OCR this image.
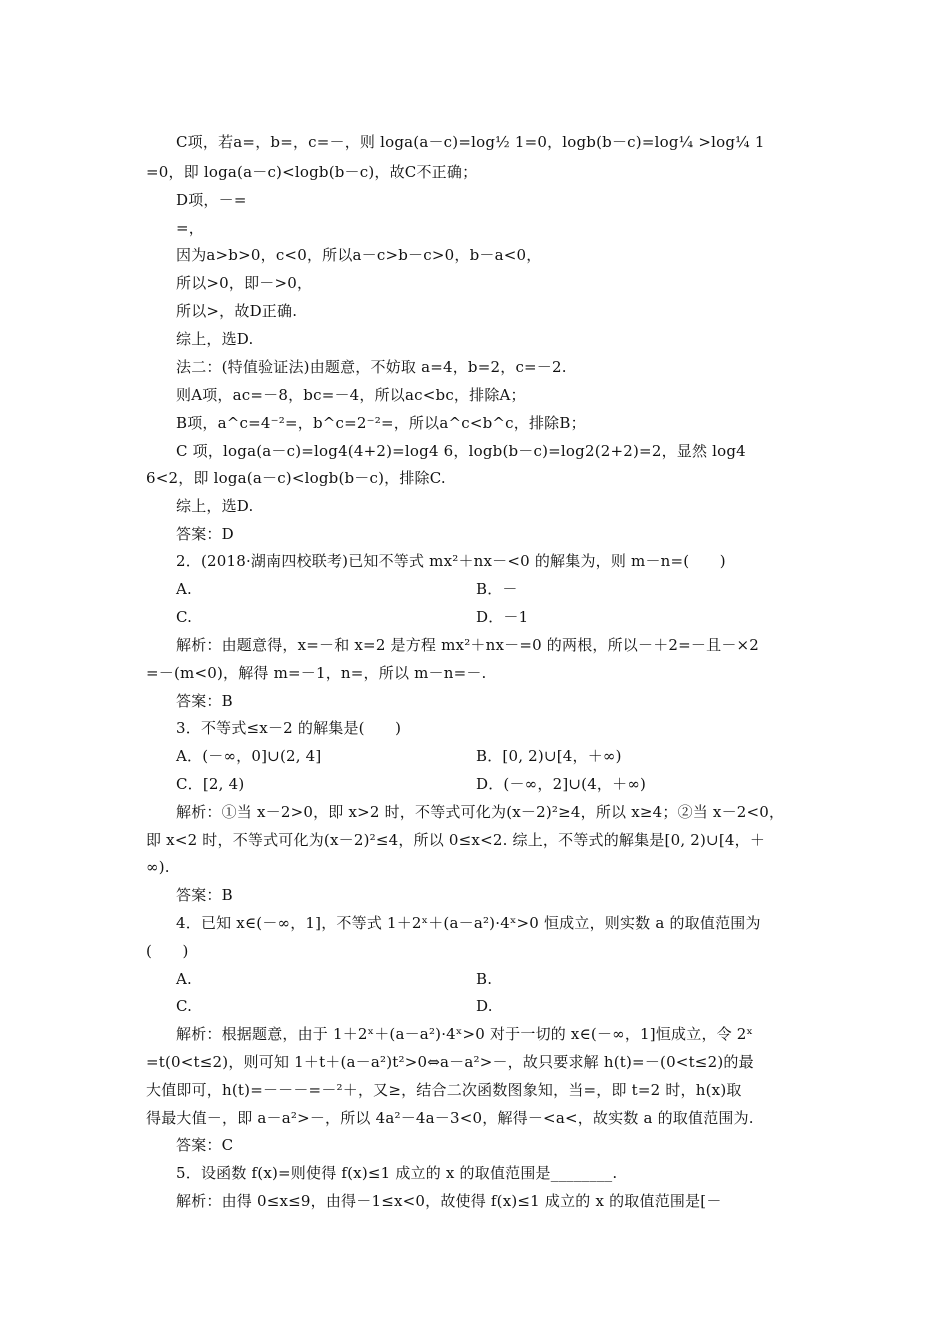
C项，若a=，b=，c=－，则 loga(a－c)=log½ 1=0，logb(b－c)=log¼ >log¼ 1
=0，即 loga(a－c)<logb(b－c)，故C不正确；
D项，－=
=，
因为a>b>0，c<0，所以a－c>b－c>0，b－a<0，
所以>0，即－>0，
所以>，故D正确.
综上，选D.
法二：(特值验证法)由题意，不妨取 a=4，b=2，c=－2.
则A项，ac=－8，bc=－4，所以ac<bc，排除A；
B项，a^c=4⁻²=，b^c=2⁻²=，所以a^c<b^c，排除B；
C 项，loga(a－c)=log4(4+2)=log4 6，logb(b－c)=log2(2+2)=2，显然 log4
6<2，即 loga(a－c)<logb(b－c)，排除C.
综上，选D.
答案：D
2．(2018·湖南四校联考)已知不等式 mx²＋nx－<0 的解集为，则 m－n=(　　)
A.	B．－
C.	D．－1
解析：由题意得，x=－和 x=2 是方程 mx²＋nx－=0 的两根，所以－＋2=－且－×2
=－(m<0)，解得 m=－1，n=，所以 m－n=－.
答案：B
3．不等式≤x－2 的解集是(　　)
A．(－∞，0]∪(2, 4]	B．[0, 2)∪[4，＋∞)
C．[2, 4)	D．(－∞，2]∪(4，＋∞)
解析：①当 x－2>0，即 x>2 时，不等式可化为(x－2)²≥4，所以 x≥4；②当 x－2<0，
即 x<2 时，不等式可化为(x－2)²≤4，所以 0≤x<2. 综上，不等式的解集是[0, 2)∪[4，＋
∞).
答案：B
4．已知 x∈(－∞，1]，不等式 1＋2ˣ＋(a－a²)·4ˣ>0 恒成立，则实数 a 的取值范围为
(　　)
A.	B.
C.	D.
解析：根据题意，由于 1＋2ˣ＋(a－a²)·4ˣ>0 对于一切的 x∈(－∞，1]恒成立，令 2ˣ
=t(0<t≤2)，则可知 1＋t＋(a－a²)t²>0⇔a－a²>－，故只要求解 h(t)=－(0<t≤2)的最
大值即可，h(t)=－－－=－²＋，又≥，结合二次函数图象知，当=，即 t=2 时，h(x)取
得最大值－，即 a－a²>－，所以 4a²－4a－3<0，解得－<a<，故实数 a 的取值范围为.
答案：C
5．设函数 f(x)=则使得 f(x)≤1 成立的 x 的取值范围是________.
解析：由得 0≤x≤9，由得－1≤x<0，故使得 f(x)≤1 成立的 x 的取值范围是[－
